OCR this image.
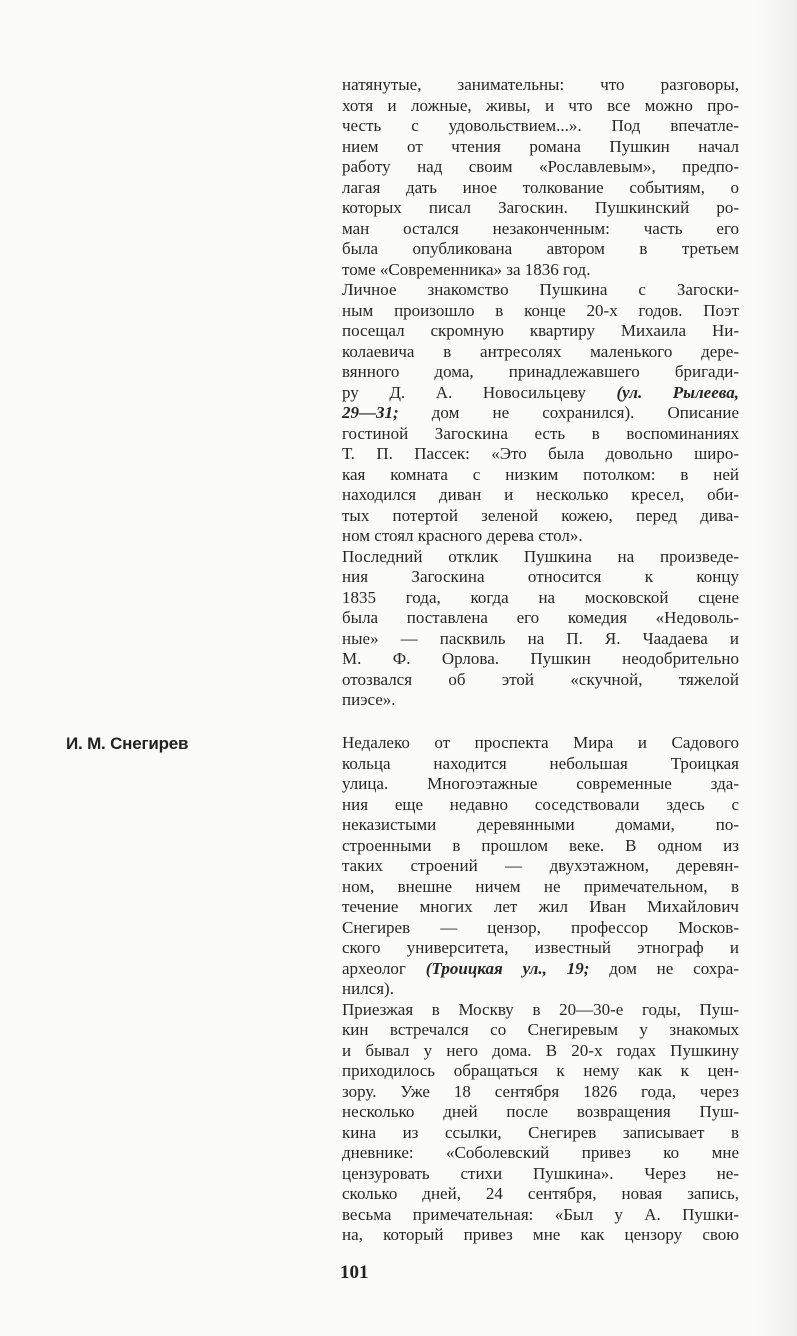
натянутые, занимательны: что разговоры,
хотя и ложные, живы, и что все можно про-
честь с удовольствием...». Под впечатле-
нием от чтения романа Пушкин начал
работу над своим «Рославлевым», предпо-
лагая дать иное толкование событиям, о
которых писал Загоскин. Пушкинский ро-
ман остался незаконченным: часть его
была опубликована автором в третьем
томе «Современника» за 1836 год.
Личное знакомство Пушкина с Загоски-
ным произошло в конце 20-х годов. Поэт
посещал скромную квартиру Михаила Ни-
колаевича в антресолях маленького дере-
вянного дома, принадлежавшего бригади-
ру Д. А. Новосильцеву (ул. Рылеева,
29—31; дом не сохранился). Описание
гостиной Загоскина есть в воспоминаниях
Т. П. Пассек: «Это была довольно широ-
кая комната с низким потолком: в ней
находился диван и несколько кресел, оби-
тых потертой зеленой кожею, перед дива-
ном стоял красного дерева стол».
Последний отклик Пушкина на произведе-
ния Загоскина относится к концу
1835 года, когда на московской сцене
была поставлена его комедия «Недоволь-
ные» — пасквиль на П. Я. Чаадаева и
М. Ф. Орлова. Пушкин неодобрительно
отозвался об этой «скучной, тяжелой
пиэсе».
И. М. Снегирев	Недалеко от проспекта Мира и Садового
кольца находится небольшая Троицкая
улица. Многоэтажные современные зда-
ния еще недавно соседствовали здесь с
неказистыми деревянными домами, по-
строенными в прошлом веке. В одном из
таких строений — двухэтажном, деревян-
ном, внешне ничем не примечательном, в
течение многих лет жил Иван Михайлович
Снегирев — цензор, профессор Москов-
ского университета, известный этнограф и
археолог (Троицкая ул., 19; дом не сохра-
нился).
Приезжая в Москву в 20—30-е годы, Пуш-
кин встречался со Снегиревым у знакомых
и бывал у него дома. В 20-х годах Пушкину
приходилось обращаться к нему как к цен-
зору. Уже 18 сентября 1826 года, через
несколько дней после возвращения Пуш-
кина из ссылки, Снегирев записывает в
дневнике: «Соболевский привез ко мне
цензуровать стихи Пушкина». Через не-
сколько дней, 24 сентября, новая запись,
весьма примечательная: «Был у А. Пушки-
на, который привез мне как цензору свою
101
